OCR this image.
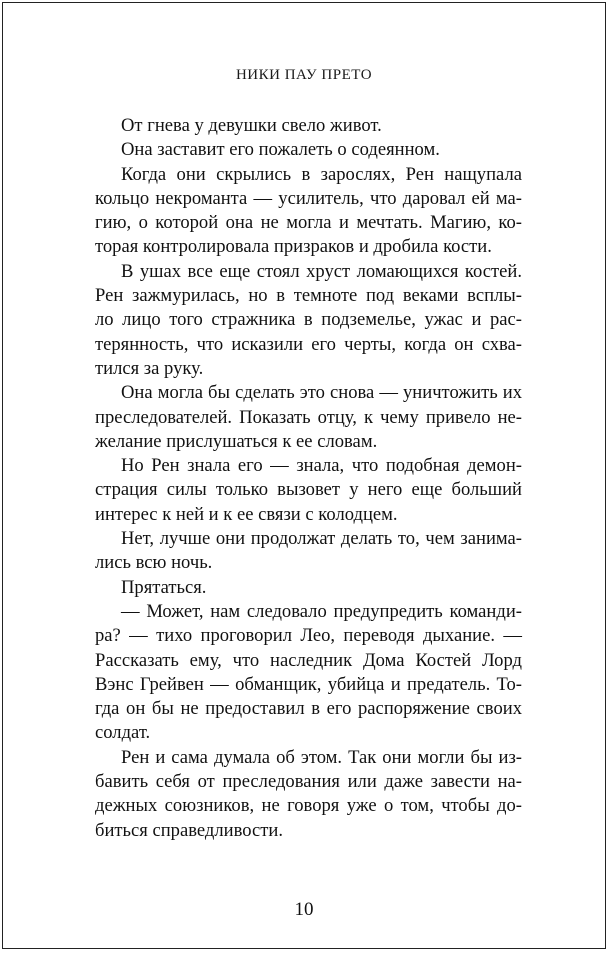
НИКИ ПАУ ПРЕТО
От гнева у девушки свело живот.
Она заставит его пожалеть о содеянном.
Когда они скрылись в зарослях, Рен нащупала
кольцо некроманта — усилитель, что даровал ей ма-
гию, о которой она не могла и мечтать. Магию, ко-
торая контролировала призраков и дробила кости.
В ушах все еще стоял хруст ломающихся костей.
Рен зажмурилась, но в темноте под веками всплы-
ло лицо того стражника в подземелье, ужас и рас-
терянность, что исказили его черты, когда он схва-
тился за руку.
Она могла бы сделать это снова — уничтожить их
преследователей. Показать отцу, к чему привело не-
желание прислушаться к ее словам.
Но Рен знала его — знала, что подобная демон-
страция силы только вызовет у него еще больший
интерес к ней и к ее связи с колодцем.
Нет, лучше они продолжат делать то, чем занима-
лись всю ночь.
Прятаться.
— Может, нам следовало предупредить команди-
ра? — тихо проговорил Лео, переводя дыхание. —
Рассказать ему, что наследник Дома Костей Лорд
Вэнс Грейвен — обманщик, убийца и предатель. То-
гда он бы не предоставил в его распоряжение своих
солдат.
Рен и сама думала об этом. Так они могли бы из-
бавить себя от преследования или даже завести на-
дежных союзников, не говоря уже о том, чтобы до-
биться справедливости.
10
